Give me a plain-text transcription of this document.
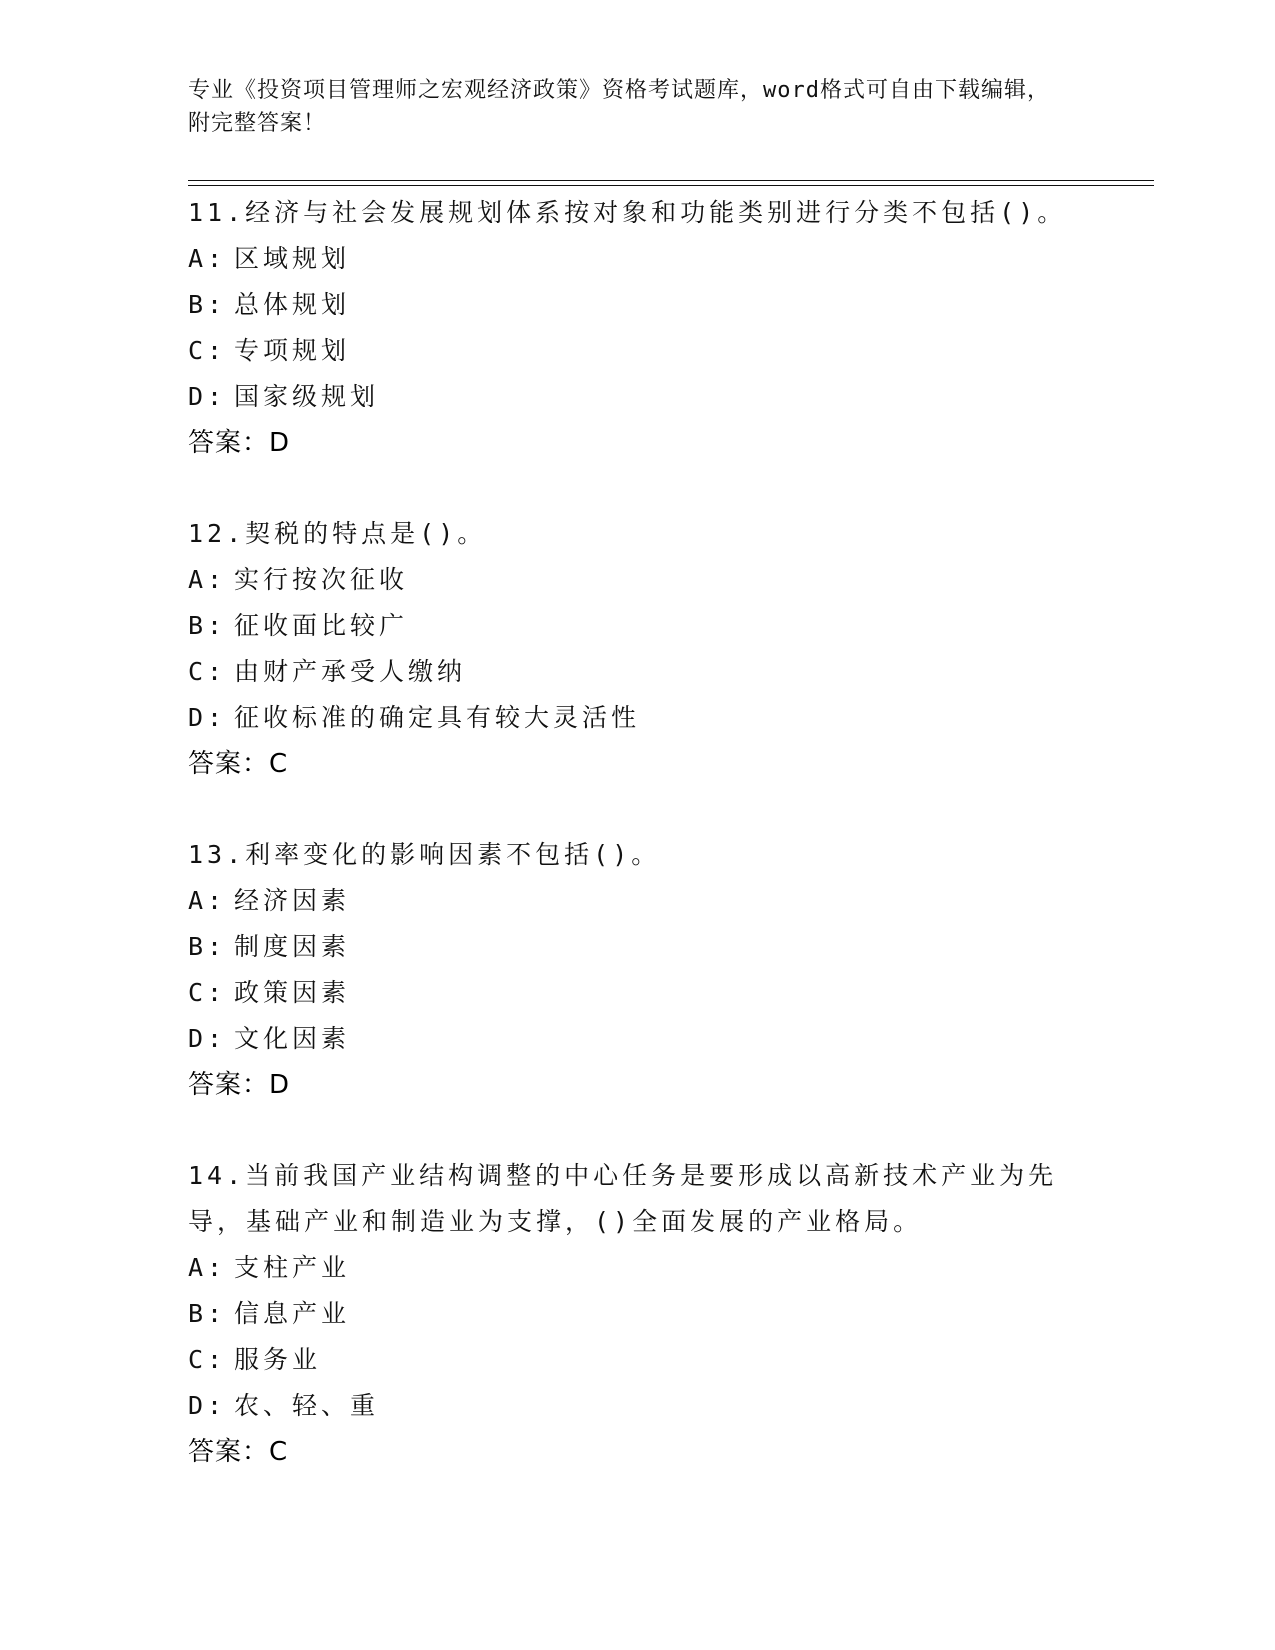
专业《投资项目管理师之宏观经济政策》资格考试题库，word格式可自由下载编辑，附完整答案！

11.经济与社会发展规划体系按对象和功能类别进行分类不包括()。

A: 区域规划
B: 总体规划
C: 专项规划
D: 国家级规划
答案：D

12.契税的特点是()。

A: 实行按次征收
B: 征收面比较广
C: 由财产承受人缴纳
D: 征收标准的确定具有较大灵活性
答案：C

13.利率变化的影响因素不包括()。

A: 经济因素
B: 制度因素
C: 政策因素
D: 文化因素
答案：D

14.当前我国产业结构调整的中心任务是要形成以高新技术产业为先导，基础产业和制造业为支撑，()全面发展的产业格局。

A: 支柱产业
B: 信息产业
C: 服务业
D: 农、轻、重
答案：C
